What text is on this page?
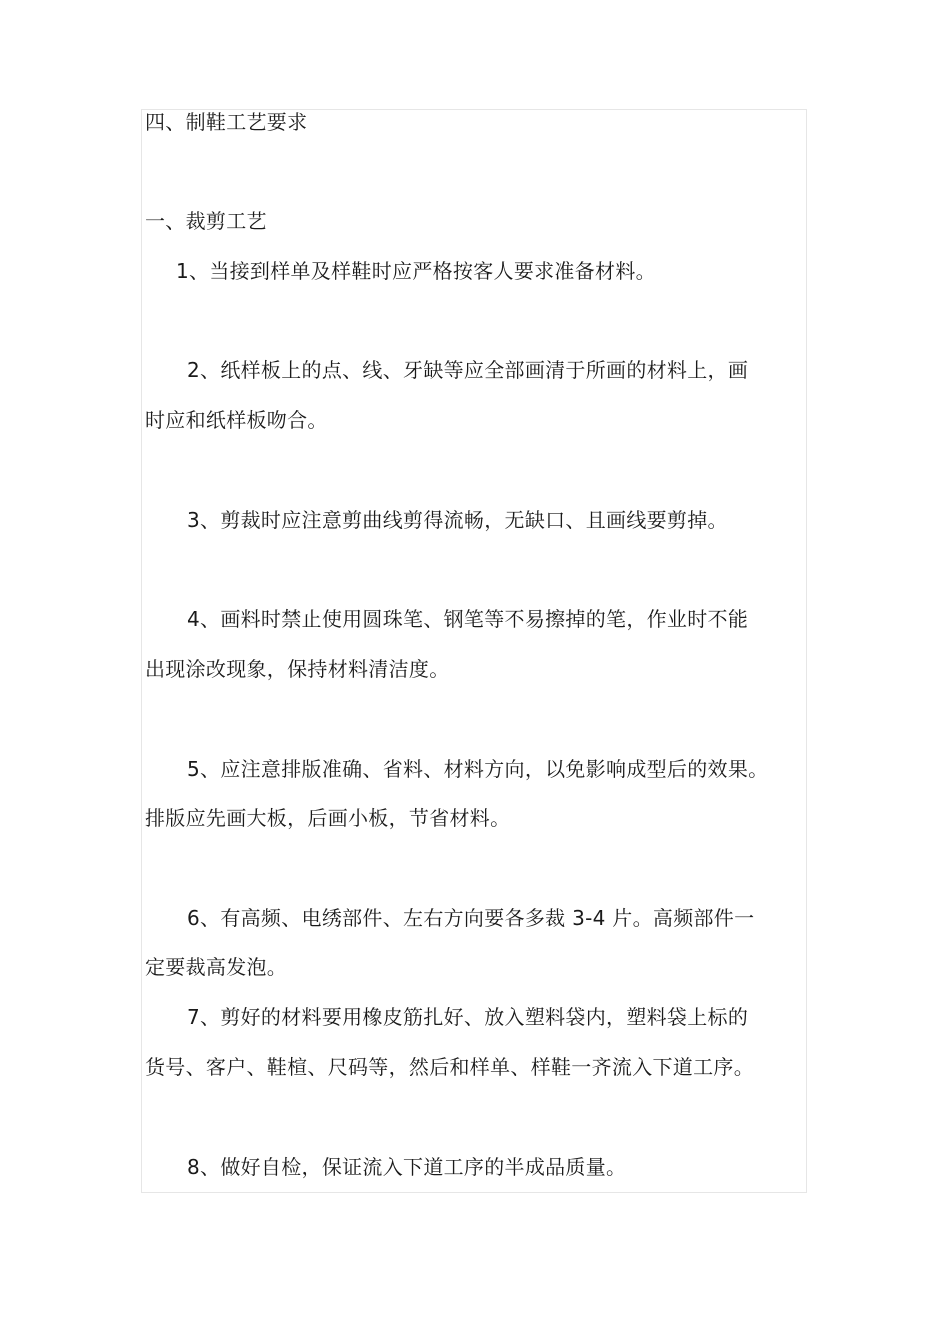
四、制鞋工艺要求
一、裁剪工艺
1、当接到样单及样鞋时应严格按客人要求准备材料。
2、纸样板上的点、线、牙缺等应全部画清于所画的材料上，画
时应和纸样板吻合。
3、剪裁时应注意剪曲线剪得流畅，无缺口、且画线要剪掉。
4、画料时禁止使用圆珠笔、钢笔等不易擦掉的笔，作业时不能
出现涂改现象，保持材料清洁度。
5、应注意排版准确、省料、材料方向，以免影响成型后的效果。
排版应先画大板，后画小板，节省材料。
6、有高频、电绣部件、左右方向要各多裁 3-4 片。高频部件一
定要裁高发泡。
7、剪好的材料要用橡皮筋扎好、放入塑料袋内，塑料袋上标的
货号、客户、鞋楦、尺码等，然后和样单、样鞋一齐流入下道工序。
8、做好自检，保证流入下道工序的半成品质量。
